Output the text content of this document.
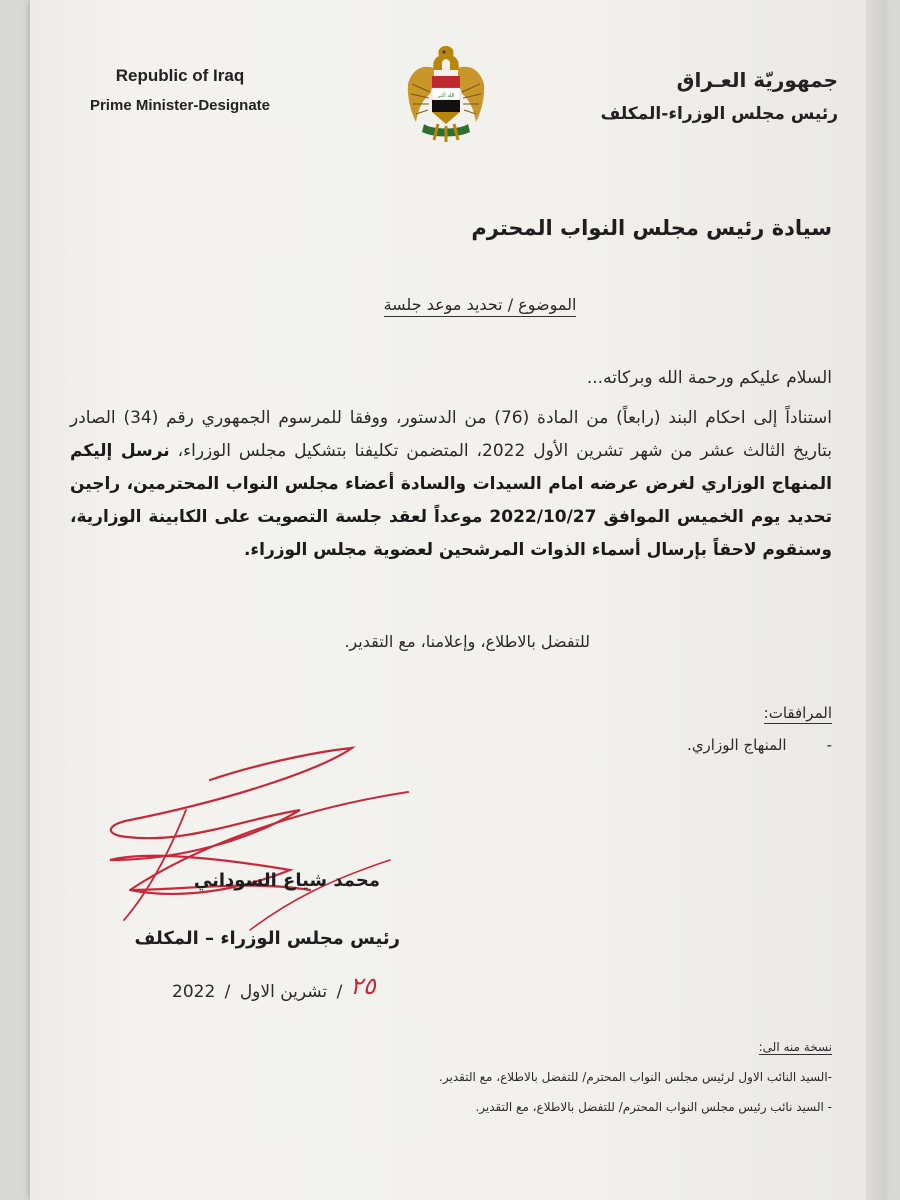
Republic of Iraq
Prime Minister-Designate
الله أكبر
جمهوريّة العـراق
رئيس مجلس الوزراء-المكلف
سيادة رئيس مجلس النواب المحترم
الموضوع / تحديد موعد جلسة
السلام عليكم ورحمة الله وبركاته...
استناداً إلى احكام البند (رابعاً) من المادة (76) من الدستور، ووفقا للمرسوم الجمهوري رقم (34) الصادر بتاريخ الثالث عشر من شهر تشرين الأول 2022، المتضمن تكليفنا بتشكيل مجلس الوزراء، نرسل إليكم المنهاج الوزاري لغرض عرضه امام السيدات والسادة أعضاء مجلس النواب المحترمين، راجين تحديد يوم الخميس الموافق 2022/10/27 موعداً لعقد جلسة التصويت على الكابينة الوزارية، وسنقوم لاحقاً بإرسال أسماء الذوات المرشحين لعضوية مجلس الوزراء.
للتفضل بالاطلاع، وإعلامنا، مع التقدير.
المرافقات:
-المنهاج الوزاري.
محمد شياع السوداني
رئيس مجلس الوزراء – المكلف
2022 / تشرين الاول / ٢٥
نسخة منه الى:
-السيد النائب الاول لرئيس مجلس النواب المحترم/ للتفضل بالاطلاع، مع التقدير.
- السيد نائب رئيس مجلس النواب المحترم/ للتفضل بالاطلاع، مع التقدير.
